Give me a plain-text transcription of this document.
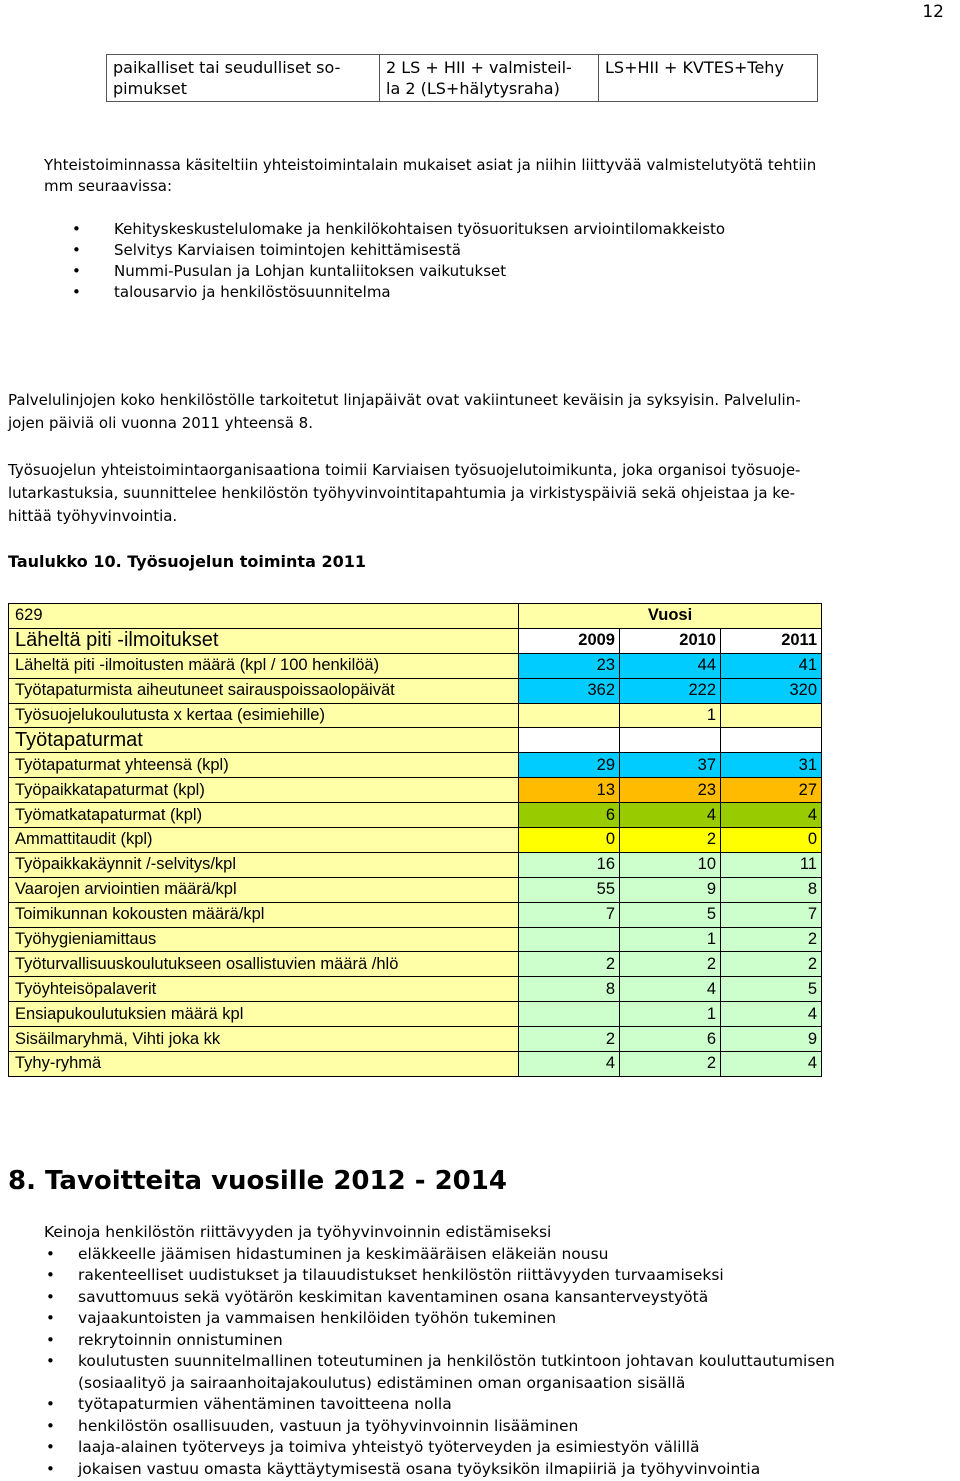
12
paikalliset tai seudulliset so-
pimukset

2 LS + HII + valmisteil-
la 2 (LS+hälytysraha)

LS+HII + KVTES+Tehy
Yhteistoiminnassa käsiteltiin yhteistoimintalain mukaiset asiat ja niihin liittyvää valmistelutyötä tehtiin
mm seuraavissa:
• Kehityskeskustelulomake ja henkilökohtaisen työsuorituksen arviointilomakkeisto
• Selvitys Karviaisen toimintojen kehittämisestä
• Nummi-Pusulan ja Lohjan kuntaliitoksen vaikutukset
• talousarvio ja henkilöstösuunnitelma
Palvelulinjojen koko henkilöstölle tarkoitetut linjapäivät ovat vakiintuneet keväisin ja syksyisin. Palvelulin-
jojen päiviä oli vuonna 2011 yhteensä 8.
Työsuojelun yhteistoimintaorganisaationa toimii Karviaisen työsuojelutoimikunta, joka organisoi työsuoje-
lutarkastuksia, suunnittelee henkilöstön työhyvinvointitapahtumia ja virkistyspäiviä sekä ohjeistaa ja ke-
hittää työhyvinvointia.
Taulukko 10. Työsuojelun toiminta 2011
629	Vuosi		
Läheltä piti -ilmoitukset	2009	2010	2011
Läheltä piti -ilmoitusten määrä (kpl / 100 henkilöä)	23	44	41
Työtapaturmista aiheutuneet sairauspoissaolopäivät	362	222	320
Työsuojelukoulutusta x kertaa (esimiehille)		1	
Työtapaturmat			
Työtapaturmat yhteensä (kpl)	29	37	31
Työpaikkatapaturmat (kpl)	13	23	27
Työmatkatapaturmat (kpl)	6	4	4
Ammattitaudit (kpl)	0	2	0
Työpaikkakäynnit /-selvitys/kpl	16	10	11
Vaarojen arviointien määrä/kpl	55	9	8
Toimikunnan kokousten määrä/kpl	7	5	7
Työhygieniamittaus		1	2
Työturvallisuuskoulutukseen osallistuvien määrä /hlö	2	2	2
Työyhteisöpalaverit	8	4	5
Ensiapukoulutuksien määrä kpl		1	4
Sisäilmaryhmä, Vihti joka kk	2	6	9
Tyhy-ryhmä	4	2	4
8. Tavoitteita vuosille 2012 - 2014
Keinoja henkilöstön riittävyyden ja työhyvinvoinnin edistämiseksi
• eläkkeelle jäämisen hidastuminen ja keskimääräisen eläkeiän nousu
• rakenteelliset uudistukset ja tilauudistukset henkilöstön riittävyyden turvaamiseksi
• savuttomuus sekä vyötärön keskimitan kaventaminen osana kansanterveystyötä
• vajaakuntoisten ja vammaisen henkilöiden työhön tukeminen
• rekrytoinnin onnistuminen
• koulutusten suunnitelmallinen toteutuminen ja henkilöstön tutkintoon johtavan kouluttautumisen
(sosiaalityö ja sairaanhoitajakoulutus) edistäminen oman organisaation sisällä
• työtapaturmien vähentäminen tavoitteena nolla
• henkilöstön osallisuuden, vastuun ja työhyvinvoinnin lisääminen
• laaja-alainen työterveys ja toimiva yhteistyö työterveyden ja esimiestyön välillä
• jokaisen vastuu omasta käyttäytymisestä osana työyksikön ilmapiiriä ja työhyvinvointia
